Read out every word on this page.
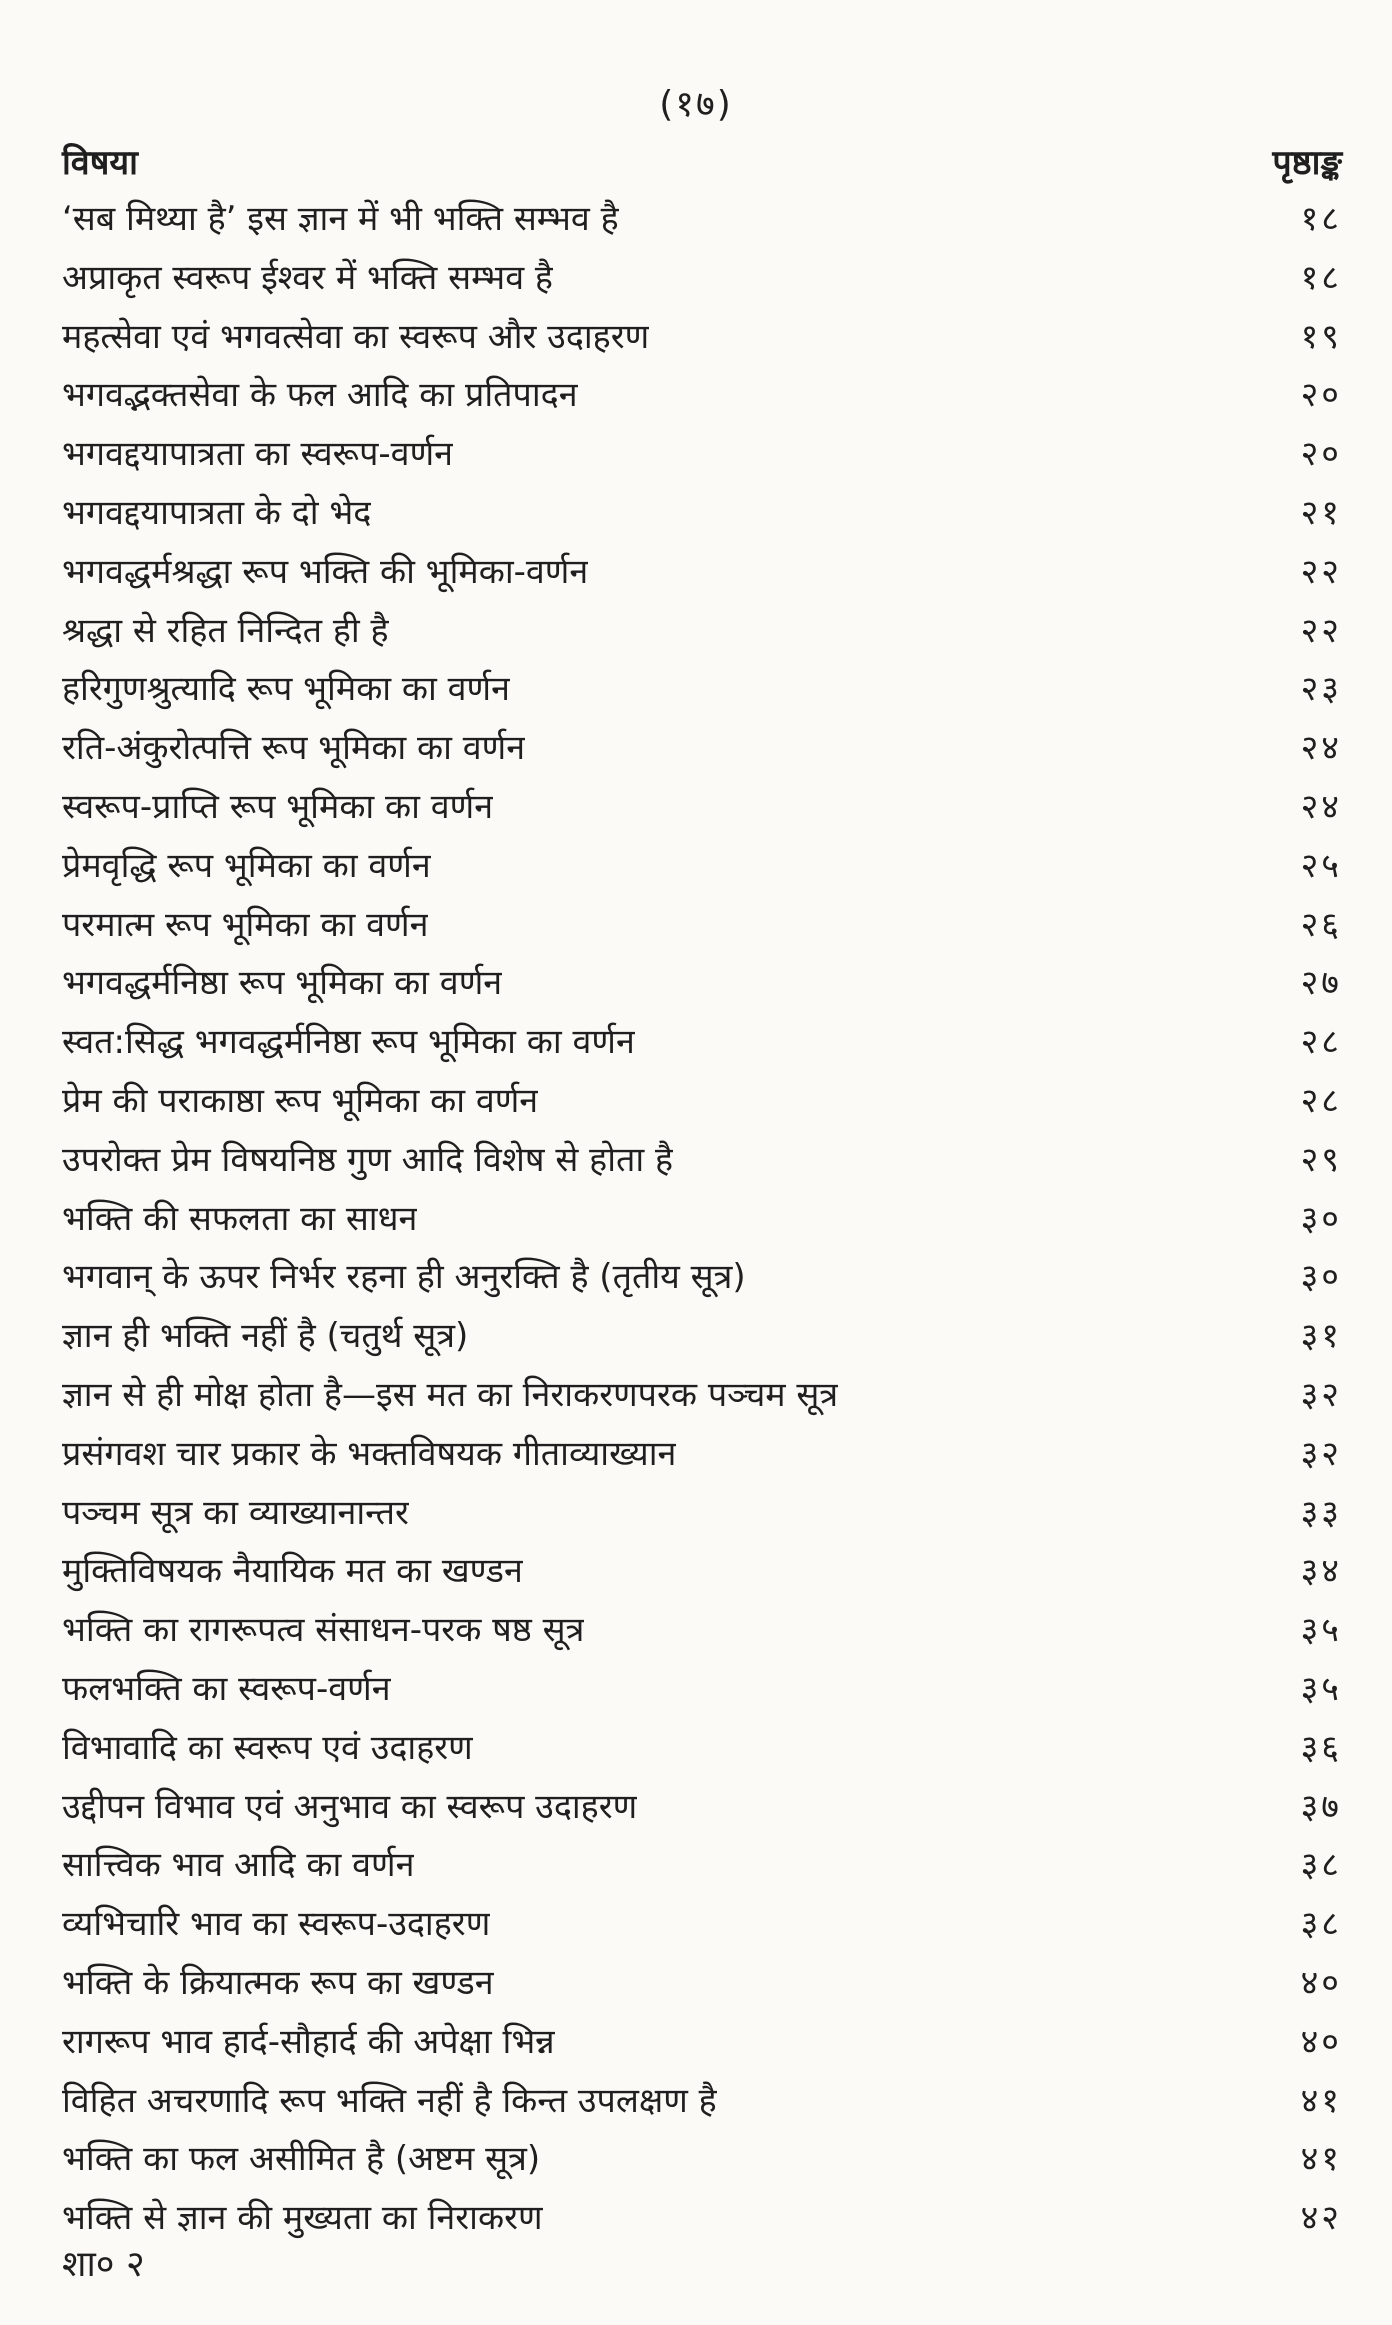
(१७)
विषया	पृष्ठाङ्क
‘सब मिथ्या है’ इस ज्ञान में भी भक्ति सम्भव है	१८
अप्राकृत स्वरूप ईश्वर में भक्ति सम्भव है	१८
महत्सेवा एवं भगवत्सेवा का स्वरूप और उदाहरण	१९
भगवद्भक्तसेवा के फल आदि का प्रतिपादन	२०
भगवद्दयापात्रता का स्वरूप-वर्णन	२०
भगवद्दयापात्रता के दो भेद	२१
भगवद्धर्मश्रद्धा रूप भक्ति की भूमिका-वर्णन	२२
श्रद्धा से रहित निन्दित ही है	२२
हरिगुणश्रुत्यादि रूप भूमिका का वर्णन	२३
रति-अंकुरोत्पत्ति रूप भूमिका का वर्णन	२४
स्वरूप-प्राप्ति रूप भूमिका का वर्णन	२४
प्रेमवृद्धि रूप भूमिका का वर्णन	२५
परमात्म रूप भूमिका का वर्णन	२६
भगवद्धर्मनिष्ठा रूप भूमिका का वर्णन	२७
स्वत:सिद्ध भगवद्धर्मनिष्ठा रूप भूमिका का वर्णन	२८
प्रेम की पराकाष्ठा रूप भूमिका का वर्णन	२८
उपरोक्त प्रेम विषयनिष्ठ गुण आदि विशेष से होता है	२९
भक्ति की सफलता का साधन	३०
भगवान् के ऊपर निर्भर रहना ही अनुरक्ति है (तृतीय सूत्र)	३०
ज्ञान ही भक्ति नहीं है (चतुर्थ सूत्र)	३१
ज्ञान से ही मोक्ष होता है—इस मत का निराकरणपरक पञ्चम सूत्र	३२
प्रसंगवश चार प्रकार के भक्तविषयक गीताव्याख्यान	३२
पञ्चम सूत्र का व्याख्यानान्तर	३३
मुक्तिविषयक नैयायिक मत का खण्डन	३४
भक्ति का रागरूपत्व संसाधन-परक षष्ठ सूत्र	३५
फलभक्ति का स्वरूप-वर्णन	३५
विभावादि का स्वरूप एवं उदाहरण	३६
उद्दीपन विभाव एवं अनुभाव का स्वरूप उदाहरण	३७
सात्त्विक भाव आदि का वर्णन	३८
व्यभिचारि भाव का स्वरूप-उदाहरण	३८
भक्ति के क्रियात्मक रूप का खण्डन	४०
रागरूप भाव हार्द-सौहार्द की अपेक्षा भिन्न	४०
विहित अचरणादि रूप भक्ति नहीं है किन्त उपलक्षण है	४१
भक्ति का फल असीमित है (अष्टम सूत्र)	४१
भक्ति से ज्ञान की मुख्यता का निराकरण	४२
शा० २
